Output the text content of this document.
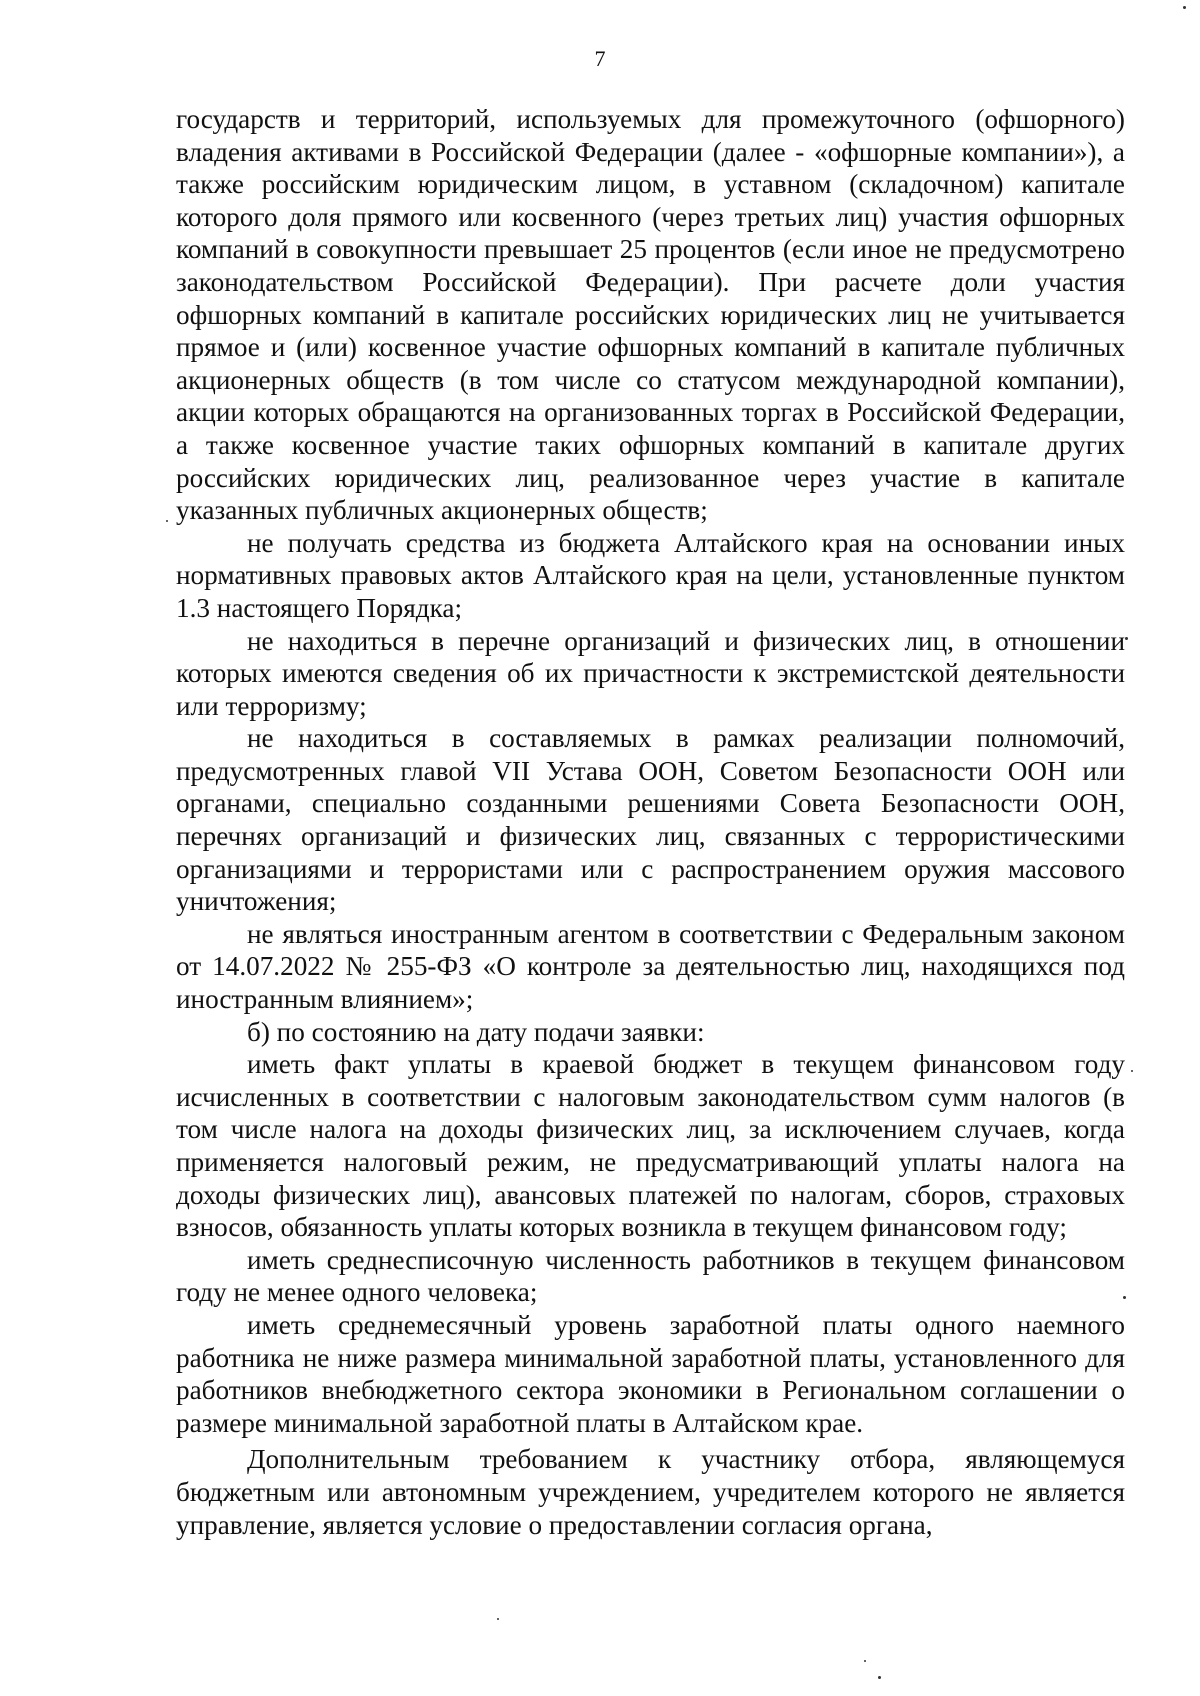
7

государств и территорий, используемых для промежуточного (офшорного) владения активами в Российской Федерации (далее - «офшорные компании»), а также российским юридическим лицом, в уставном (складочном) капитале которого доля прямого или косвенного (через третьих лиц) участия офшорных компаний в совокупности превышает 25 процентов (если иное не предусмотрено законодательством Российской Федерации). При расчете доли участия офшорных компаний в капитале российских юридических лиц не учитывается прямое и (или) косвенное участие офшорных компаний в капитале публичных акционерных обществ (в том числе со статусом международной компании), акции которых обращаются на организованных торгах в Российской Федерации, а также косвенное участие таких офшорных компаний в капитале других российских юридических лиц, реализованное через участие в капитале указанных публичных акционерных обществ;

не получать средства из бюджета Алтайского края на основании иных нормативных правовых актов Алтайского края на цели, установленные пунктом 1.3 настоящего Порядка;

не находиться в перечне организаций и физических лиц, в отношении которых имеются сведения об их причастности к экстремистской деятельности или терроризму;

не находиться в составляемых в рамках реализации полномочий, предусмотренных главой VII Устава ООН, Советом Безопасности ООН или органами, специально созданными решениями Совета Безопасности ООН, перечнях организаций и физических лиц, связанных с террористическими организациями и террористами или с распространением оружия массового уничтожения;

не являться иностранным агентом в соответствии с Федеральным законом от 14.07.2022 № 255-ФЗ «О контроле за деятельностью лиц, находящихся под иностранным влиянием»;

б) по состоянию на дату подачи заявки:

иметь факт уплаты в краевой бюджет в текущем финансовом году исчисленных в соответствии с налоговым законодательством сумм налогов (в том числе налога на доходы физических лиц, за исключением случаев, когда применяется налоговый режим, не предусматривающий уплаты налога на доходы физических лиц), авансовых платежей по налогам, сборов, страховых взносов, обязанность уплаты которых возникла в текущем финансовом году;

иметь среднесписочную численность работников в текущем финансовом году не менее одного человека;

иметь среднемесячный уровень заработной платы одного наемного работника не ниже размера минимальной заработной платы, установленного для работников внебюджетного сектора экономики в Региональном соглашении о размере минимальной заработной платы в Алтайском крае.

Дополнительным требованием к участнику отбора, являющемуся бюджетным или автономным учреждением, учредителем которого не является управление, является условие о предоставлении согласия органа,
